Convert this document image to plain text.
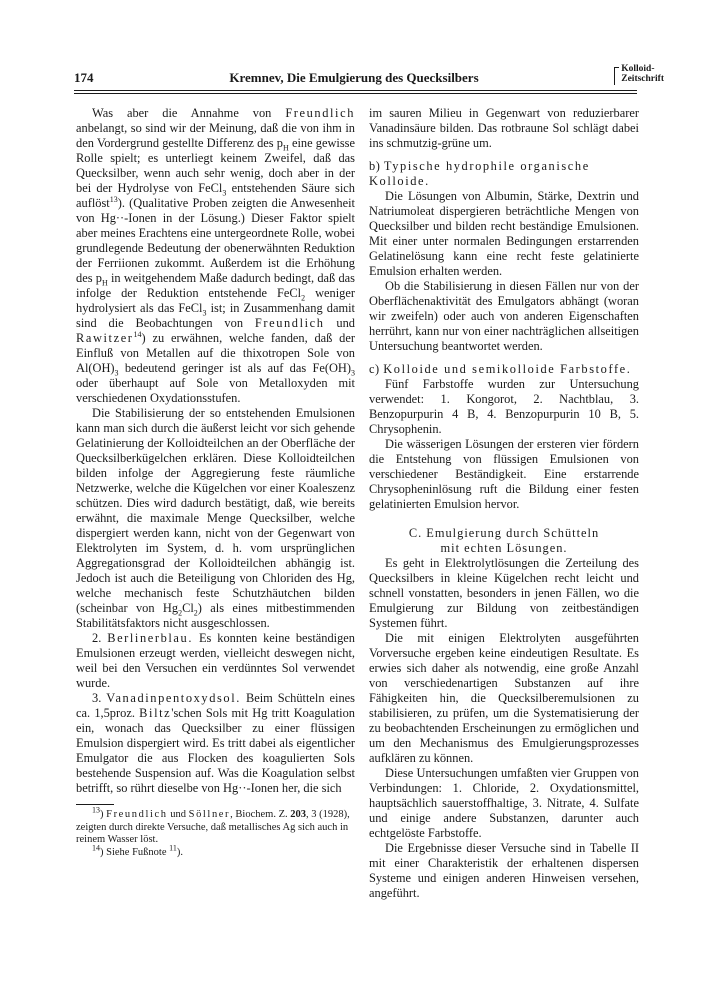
174	Kremnev, Die Emulgierung des Quecksilbers
Kolloid-
Zeitschrift

Was aber die Annahme von Freundlich anbelangt, so sind wir der Meinung, daß die von ihm in den Vordergrund gestellte Differenz des $p_H$ eine gewisse Rolle spielt; es unterliegt keinem Zweifel, daß das Quecksilber, wenn auch sehr wenig, doch aber in der bei der Hydrolyse von FeCl$_3$ entstehenden Säure sich auflöst$^{13}$). (Qualitative Proben zeigten die Anwesenheit von Hg··-Ionen in der Lösung.) Dieser Faktor spielt aber meines Erachtens eine untergeordnete Rolle, wobei grundlegende Bedeutung der obenerwähnten Reduktion der Ferriionen zukommt. Außerdem ist die Erhöhung des $p_H$ in weitgehendem Maße dadurch bedingt, daß das infolge der Reduktion entstehende FeCl$_2$ weniger hydrolysiert als das FeCl$_3$ ist; in Zusammenhang damit sind die Beobachtungen von Freundlich und Rawitzer$^{14}$) zu erwähnen, welche fanden, daß der Einfluß von Metallen auf die thixotropen Sole von $Al(OH)_3$ bedeutend geringer ist als auf das $Fe(OH)_3$ oder überhaupt auf Sole von Metalloxyden mit verschiedenen Oxydationsstufen.

Die Stabilisierung der so entstehenden Emulsionen kann man sich durch die äußerst leicht vor sich gehende Gelatinierung der Kolloidteilchen an der Oberfläche der Quecksilberkügelchen erklären. Diese Kolloidteilchen bilden infolge der Aggregierung feste räumliche Netzwerke, welche die Kügelchen vor einer Koaleszenz schützen. Dies wird dadurch bestätigt, daß, wie bereits erwähnt, die maximale Menge Quecksilber, welche dispergiert werden kann, nicht von der Gegenwart von Elektrolyten im System, d. h. vom ursprünglichen Aggregationsgrad der Kolloidteilchen abhängig ist. Jedoch ist auch die Beteiligung von Chloriden des Hg, welche mechanisch feste Schutzhäutchen bilden (scheinbar von $Hg_2Cl_2$) als eines mitbestimmenden Stabilitätsfaktors nicht ausgeschlossen.

2. Berlinerblau. Es konnten keine beständigen Emulsionen erzeugt werden, vielleicht deswegen nicht, weil bei den Versuchen ein verdünntes Sol verwendet wurde.

3. Vanadinpentoxydsol. Beim Schütteln eines ca. 1,5proz. Biltz'schen Sols mit Hg tritt Koagulation ein, wonach das Quecksilber zu einer flüssigen Emulsion dispergiert wird. Es tritt dabei als eigentlicher Emulgator die aus Flocken des koagulierten Sols bestehende Suspension auf. Was die Koagulation selbst betrifft, so rührt dieselbe von Hg··-Ionen her, die sich

$^{13}$) Freundlich und Söllner, Biochem. Z. 203, 3 (1928), zeigten durch direkte Versuche, daß metallisches Ag sich auch in reinem Wasser löst.

$^{14}$) Siehe Fußnote $^{11}$).

im sauren Milieu in Gegenwart von reduzierbarer Vanadinsäure bilden. Das rotbraune Sol schlägt dabei ins schmutzig-grüne um.

b) Typische hydrophile organische Kolloide.

Die Lösungen von Albumin, Stärke, Dextrin und Natriumoleat dispergieren beträchtliche Mengen von Quecksilber und bilden recht beständige Emulsionen. Mit einer unter normalen Bedingungen erstarrenden Gelatinelösung kann eine recht feste gelatinierte Emulsion erhalten werden.

Ob die Stabilisierung in diesen Fällen nur von der Oberflächenaktivität des Emulgators abhängt (woran wir zweifeln) oder auch von anderen Eigenschaften herrührt, kann nur von einer nachträglichen allseitigen Untersuchung beantwortet werden.

c) Kolloide und semikolloide Farbstoffe.

Fünf Farbstoffe wurden zur Untersuchung verwendet: 1. Kongorot, 2. Nachtblau, 3. Benzopurpurin 4 B, 4. Benzopurpurin 10 B, 5. Chrysophenin.

Die wässerigen Lösungen der ersteren vier fördern die Entstehung von flüssigen Emulsionen von verschiedener Beständigkeit. Eine erstarrende Chrysopheninlösung ruft die Bildung einer festen gelatinierten Emulsion hervor.

C. Emulgierung durch Schütteln
mit echten Lösungen.

Es geht in Elektrolytlösungen die Zerteilung des Quecksilbers in kleine Kügelchen recht leicht und schnell vonstatten, besonders in jenen Fällen, wo die Emulgierung zur Bildung von zeitbeständigen Systemen führt.

Die mit einigen Elektrolyten ausgeführten Vorversuche ergeben keine eindeutigen Resultate. Es erwies sich daher als notwendig, eine große Anzahl von verschiedenartigen Substanzen auf ihre Fähigkeiten hin, die Quecksilberemulsionen zu stabilisieren, zu prüfen, um die Systematisierung der zu beobachtenden Erscheinungen zu ermöglichen und um den Mechanismus des Emulgierungsprozesses aufklären zu können.

Diese Untersuchungen umfaßten vier Gruppen von Verbindungen: 1. Chloride, 2. Oxydationsmittel, hauptsächlich sauerstoffhaltige, 3. Nitrate, 4. Sulfate und einige andere Substanzen, darunter auch echtgelöste Farbstoffe.

Die Ergebnisse dieser Versuche sind in Tabelle II mit einer Charakteristik der erhaltenen dispersen Systeme und einigen anderen Hinweisen versehen, angeführt.
